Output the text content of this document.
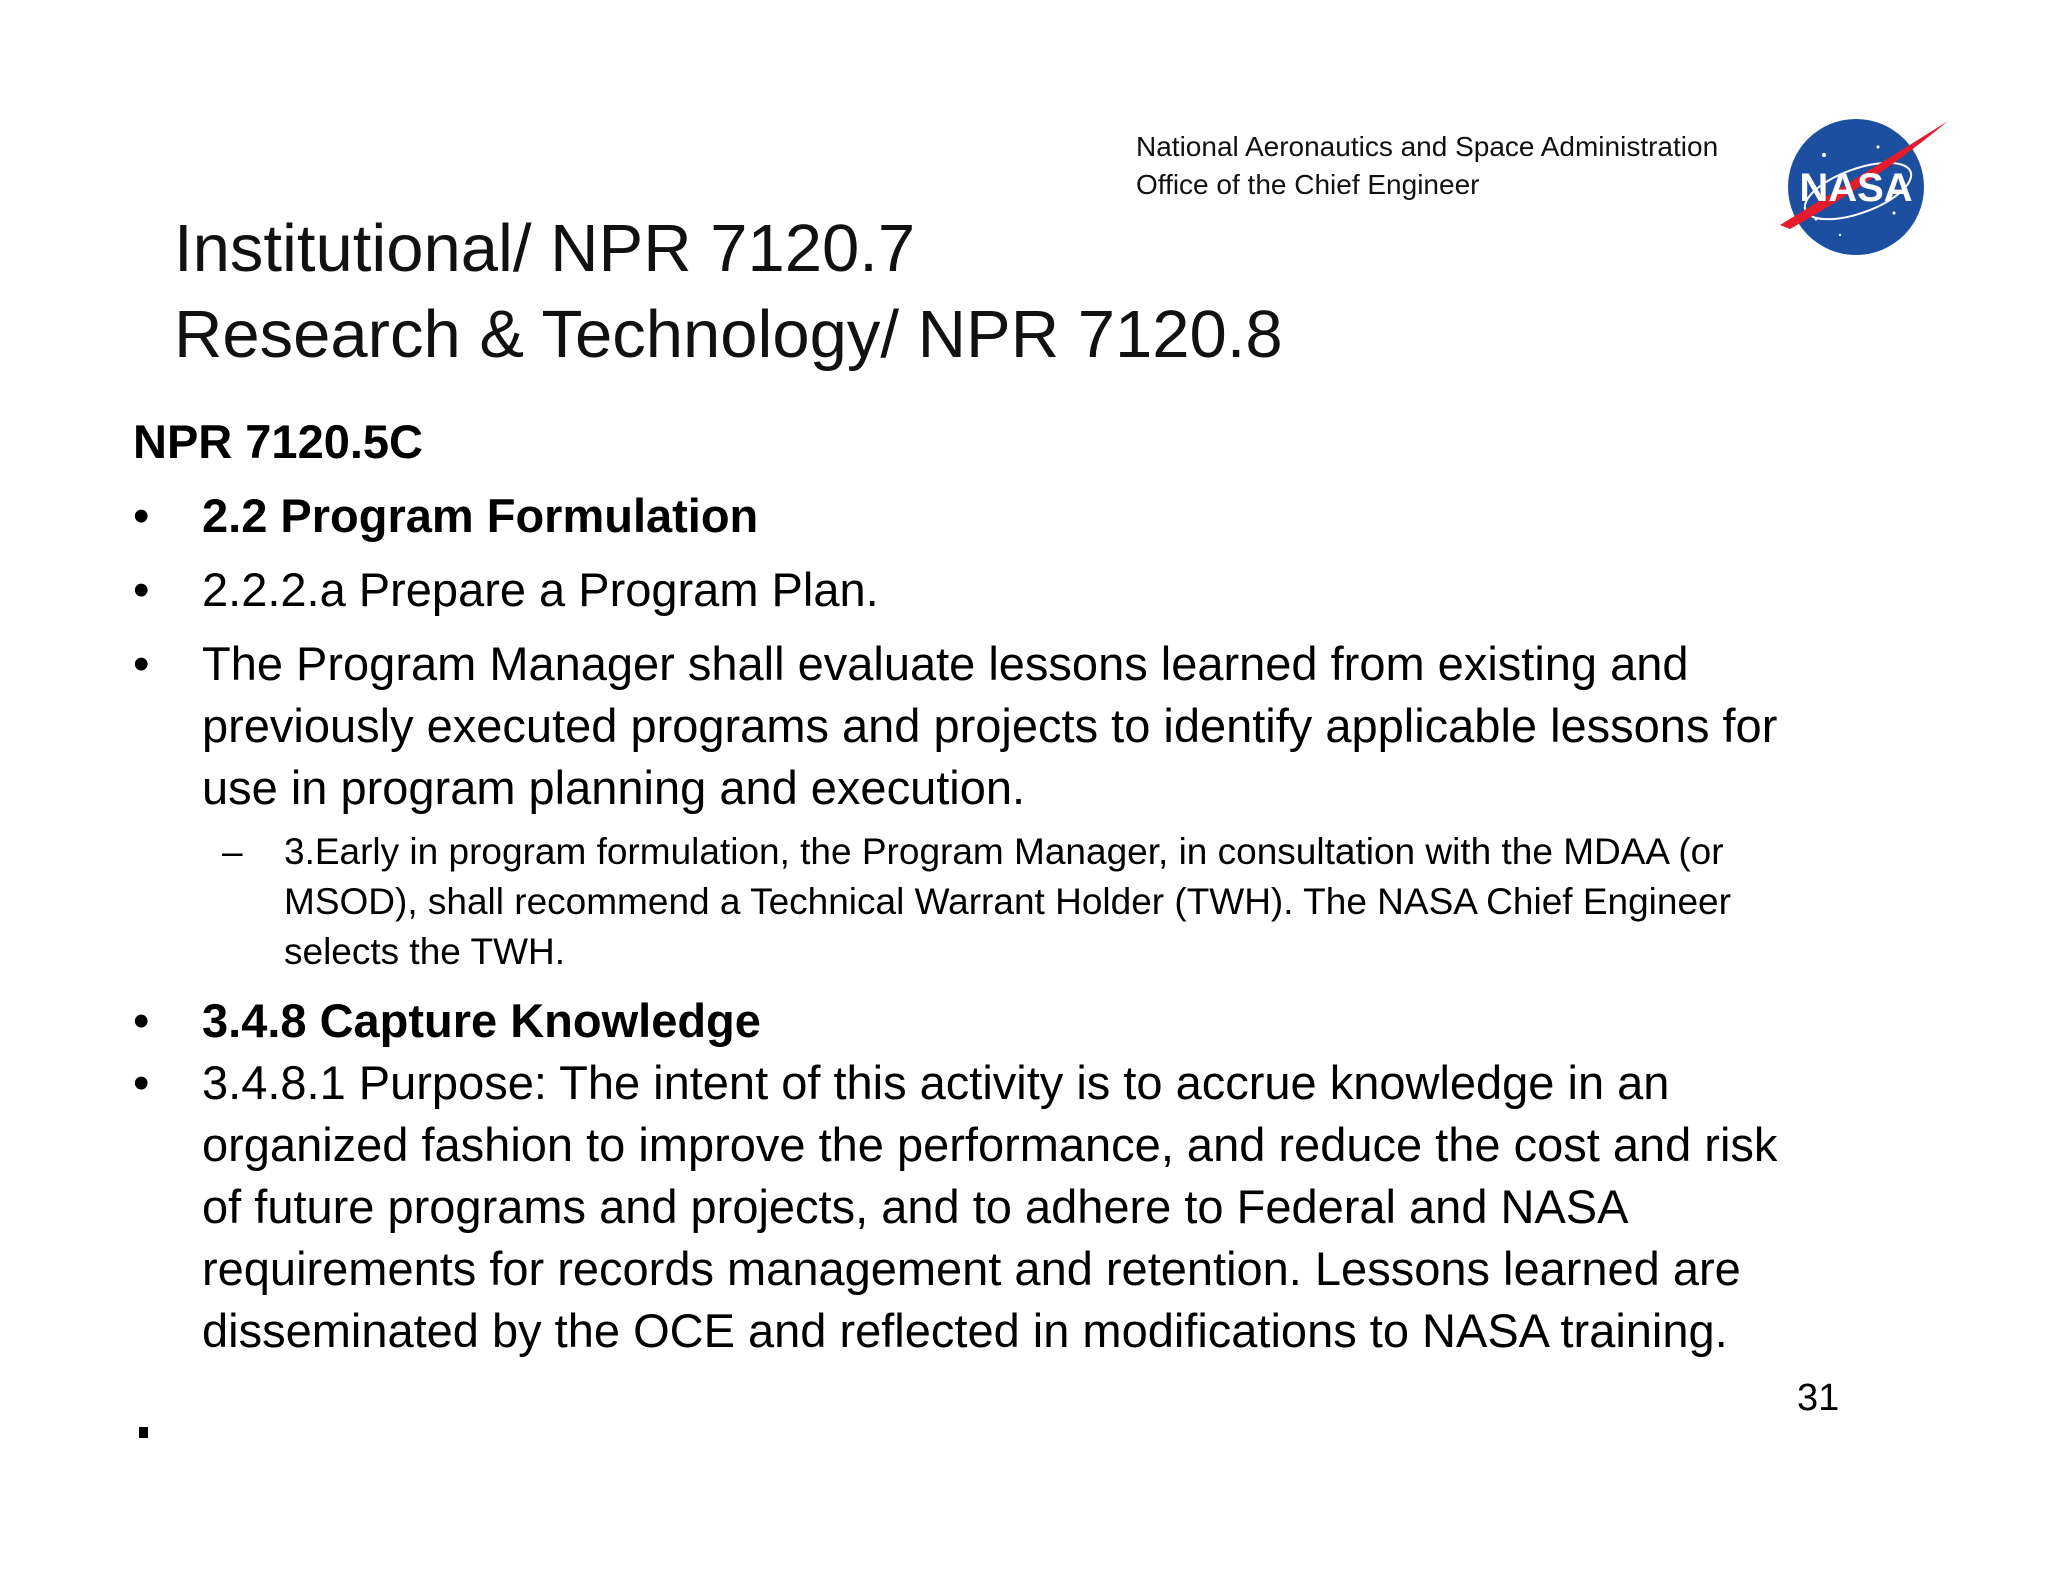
National Aeronautics and Space Administration
Office of the Chief Engineer	NASA
Institutional/ NPR 7120.7
Research & Technology/ NPR 7120.8
NPR 7120.5C
•	2.2 Program Formulation
•	2.2.2.a Prepare a Program Plan.
•	The Program Manager shall evaluate lessons learned from existing and
previously executed programs and projects to identify applicable lessons for
use in program planning and execution.
– 3.Early in program formulation, the Program Manager, in consultation with the MDAA (or
MSOD), shall recommend a Technical Warrant Holder (TWH). The NASA Chief Engineer
selects the TWH.
•	3.4.8 Capture Knowledge
•	3.4.8.1 Purpose: The intent of this activity is to accrue knowledge in an
organized fashion to improve the performance, and reduce the cost and risk
of future programs and projects, and to adhere to Federal and NASA
requirements for records management and retention. Lessons learned are
disseminated by the OCE and reflected in modifications to NASA training.
31
